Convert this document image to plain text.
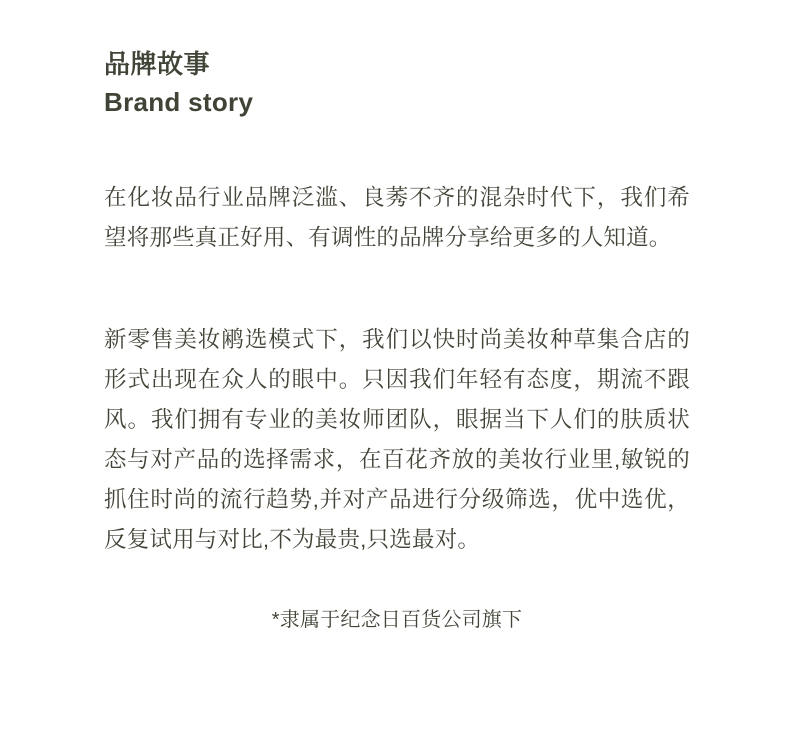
品牌故事
Brand story

在化妆品行业品牌泛滥、良莠不齐的混杂时代下，我们希望将那些真正好用、有调性的品牌分享给更多的人知道。

新零售美妆鹇选模式下，我们以快时尚美妆种草集合店的形式出现在众人的眼中。只因我们年轻有态度，期流不跟风。我们拥有专业的美妆师团队，眼据当下人们的肤质状态与对产品的选择需求，在百花齐放的美妆行业里,敏锐的抓住时尚的流行趋势,并对产品进行分级筛选，优中选优，反复试用与对比,不为最贵,只选最对。

*隶属于纪念日百货公司旗下
